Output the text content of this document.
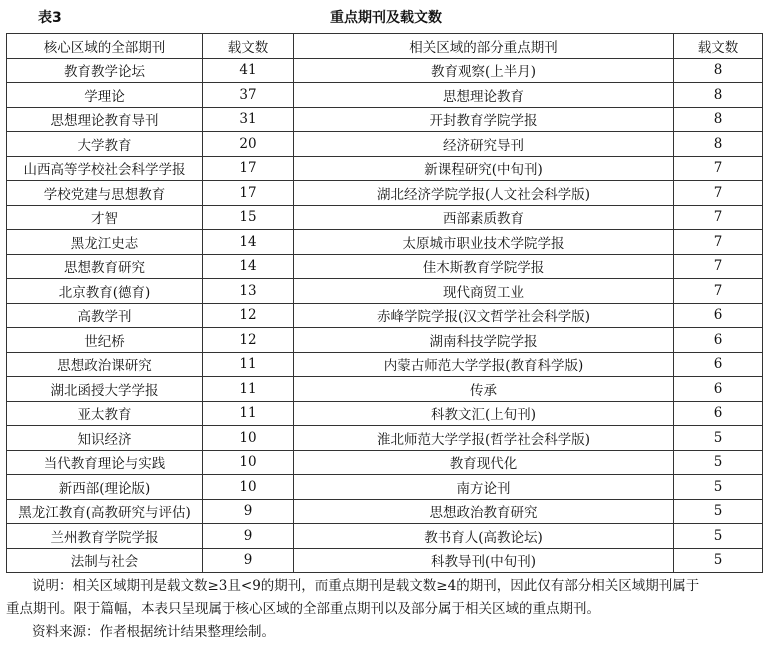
表3	重点期刊及载文数
核心区域的全部期刊	载文数	相关区域的部分重点期刊	载文数
教育教学论坛	41	教育观察(上半月)	8
学理论	37	思想理论教育	8
思想理论教育导刊	31	开封教育学院学报	8
大学教育	20	经济研究导刊	8
山西高等学校社会科学学报	17	新课程研究(中旬刊)	7
学校党建与思想教育	17	湖北经济学院学报(人文社会科学版)	7
才智	15	西部素质教育	7
黑龙江史志	14	太原城市职业技术学院学报	7
思想教育研究	14	佳木斯教育学院学报	7
北京教育(德育)	13	现代商贸工业	7
高教学刊	12	赤峰学院学报(汉文哲学社会科学版)	6
世纪桥	12	湖南科技学院学报	6
思想政治课研究	11	内蒙古师范大学学报(教育科学版)	6
湖北函授大学学报	11	传承	6
亚太教育	11	科教文汇(上旬刊)	6
知识经济	10	淮北师范大学学报(哲学社会科学版)	5
当代教育理论与实践	10	教育现代化	5
新西部(理论版)	10	南方论刊	5
黑龙江教育(高教研究与评估)	9	思想政治教育研究	5
兰州教育学院学报	9	教书育人(高教论坛)	5
法制与社会	9	科教导刊(中旬刊)	5

说明：相关区域期刊是载文数≥3且<9的期刊，而重点期刊是载文数≥4的期刊，因此仅有部分相关区域期刊属于

重点期刊。限于篇幅，本表只呈现属于核心区域的全部重点期刊以及部分属于相关区域的重点期刊。

资料来源：作者根据统计结果整理绘制。
